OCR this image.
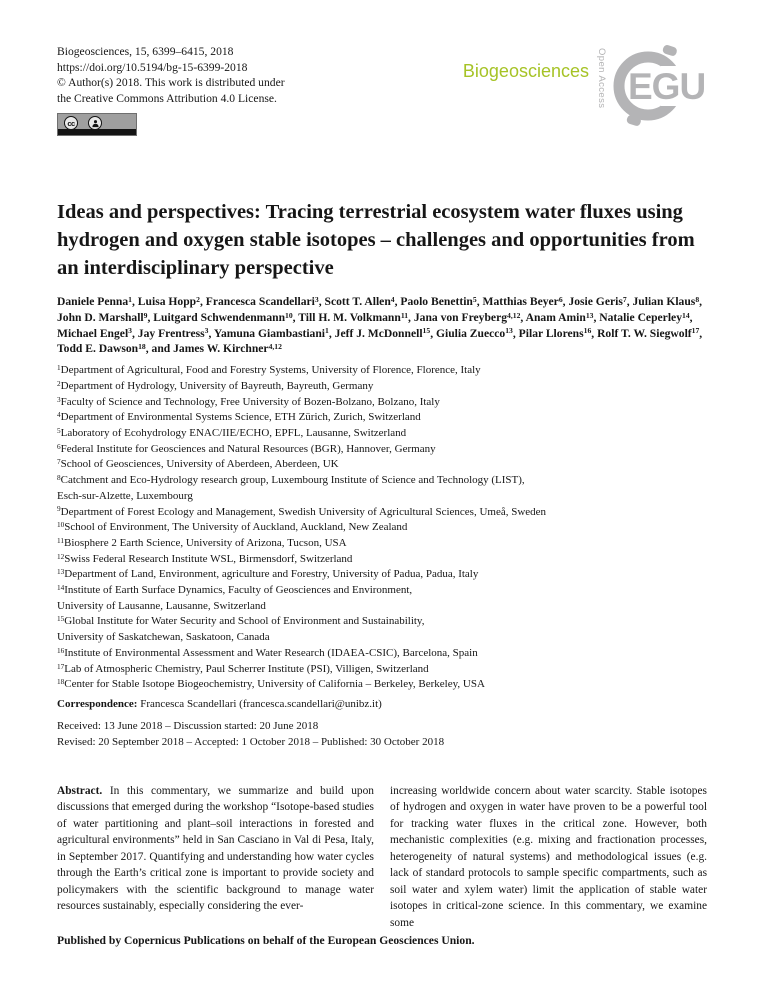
Biogeosciences, 15, 6399–6415, 2018
https://doi.org/10.5194/bg-15-6399-2018
© Author(s) 2018. This work is distributed under
the Creative Commons Attribution 4.0 License.
cc
Biogeosciences Open Access EGU
Ideas and perspectives: Tracing terrestrial ecosystem water fluxes using hydrogen and oxygen stable isotopes – challenges and opportunities from an interdisciplinary perspective
Daniele Penna$^1$, Luisa Hopp$^2$, Francesca Scandellari$^3$, Scott T. Allen$^4$, Paolo Benettin$^5$, Matthias Beyer$^6$, Josie Geris$^7$, Julian Klaus$^8$, John D. Marshall$^9$, Luitgard Schwendenmann$^{10}$, Till H. M. Volkmann$^{11}$, Jana von Freyberg$^{4,12}$, Anam Amin$^{13}$, Natalie Ceperley$^{14}$, Michael Engel$^3$, Jay Frentress$^3$, Yamuna Giambastiani$^1$, Jeff J. McDonnell$^{15}$, Giulia Zuecco$^{13}$, Pilar Llorens$^{16}$, Rolf T. W. Siegwolf$^{17}$, Todd E. Dawson$^{18}$, and James W. Kirchner$^{4,12}$
$^1$Department of Agricultural, Food and Forestry Systems, University of Florence, Florence, Italy
$^2$Department of Hydrology, University of Bayreuth, Bayreuth, Germany
$^3$Faculty of Science and Technology, Free University of Bozen-Bolzano, Bolzano, Italy
$^4$Department of Environmental Systems Science, ETH Zürich, Zurich, Switzerland
$^5$Laboratory of Ecohydrology ENAC/IIE/ECHO, EPFL, Lausanne, Switzerland
$^6$Federal Institute for Geosciences and Natural Resources (BGR), Hannover, Germany
$^7$School of Geosciences, University of Aberdeen, Aberdeen, UK
$^8$Catchment and Eco-Hydrology research group, Luxembourg Institute of Science and Technology (LIST),
Esch-sur-Alzette, Luxembourg
$^9$Department of Forest Ecology and Management, Swedish University of Agricultural Sciences, Umeå, Sweden
$^{10}$School of Environment, The University of Auckland, Auckland, New Zealand
$^{11}$Biosphere 2 Earth Science, University of Arizona, Tucson, USA
$^{12}$Swiss Federal Research Institute WSL, Birmensdorf, Switzerland
$^{13}$Department of Land, Environment, agriculture and Forestry, University of Padua, Padua, Italy
$^{14}$Institute of Earth Surface Dynamics, Faculty of Geosciences and Environment,
University of Lausanne, Lausanne, Switzerland
$^{15}$Global Institute for Water Security and School of Environment and Sustainability,
University of Saskatchewan, Saskatoon, Canada
$^{16}$Institute of Environmental Assessment and Water Research (IDAEA-CSIC), Barcelona, Spain
$^{17}$Lab of Atmospheric Chemistry, Paul Scherrer Institute (PSI), Villigen, Switzerland
$^{18}$Center for Stable Isotope Biogeochemistry, University of California – Berkeley, Berkeley, USA
Correspondence: Francesca Scandellari (francesca.scandellari@unibz.it)
Received: 13 June 2018 – Discussion started: 20 June 2018
Revised: 20 September 2018 – Accepted: 1 October 2018 – Published: 30 October 2018
Abstract. In this commentary, we summarize and build upon discussions that emerged during the workshop “Isotope-based studies of water partitioning and plant–soil interactions in forested and agricultural environments” held in San Casciano in Val di Pesa, Italy, in September 2017. Quantifying and understanding how water cycles through the Earth’s critical zone is important to provide society and policymakers with the scientific background to manage water resources sustainably, especially considering the ever-
increasing worldwide concern about water scarcity. Stable isotopes of hydrogen and oxygen in water have proven to be a powerful tool for tracking water fluxes in the critical zone. However, both mechanistic complexities (e.g. mixing and fractionation processes, heterogeneity of natural systems) and methodological issues (e.g. lack of standard protocols to sample specific compartments, such as soil water and xylem water) limit the application of stable water isotopes in critical-zone science. In this commentary, we examine some
Published by Copernicus Publications on behalf of the European Geosciences Union.
